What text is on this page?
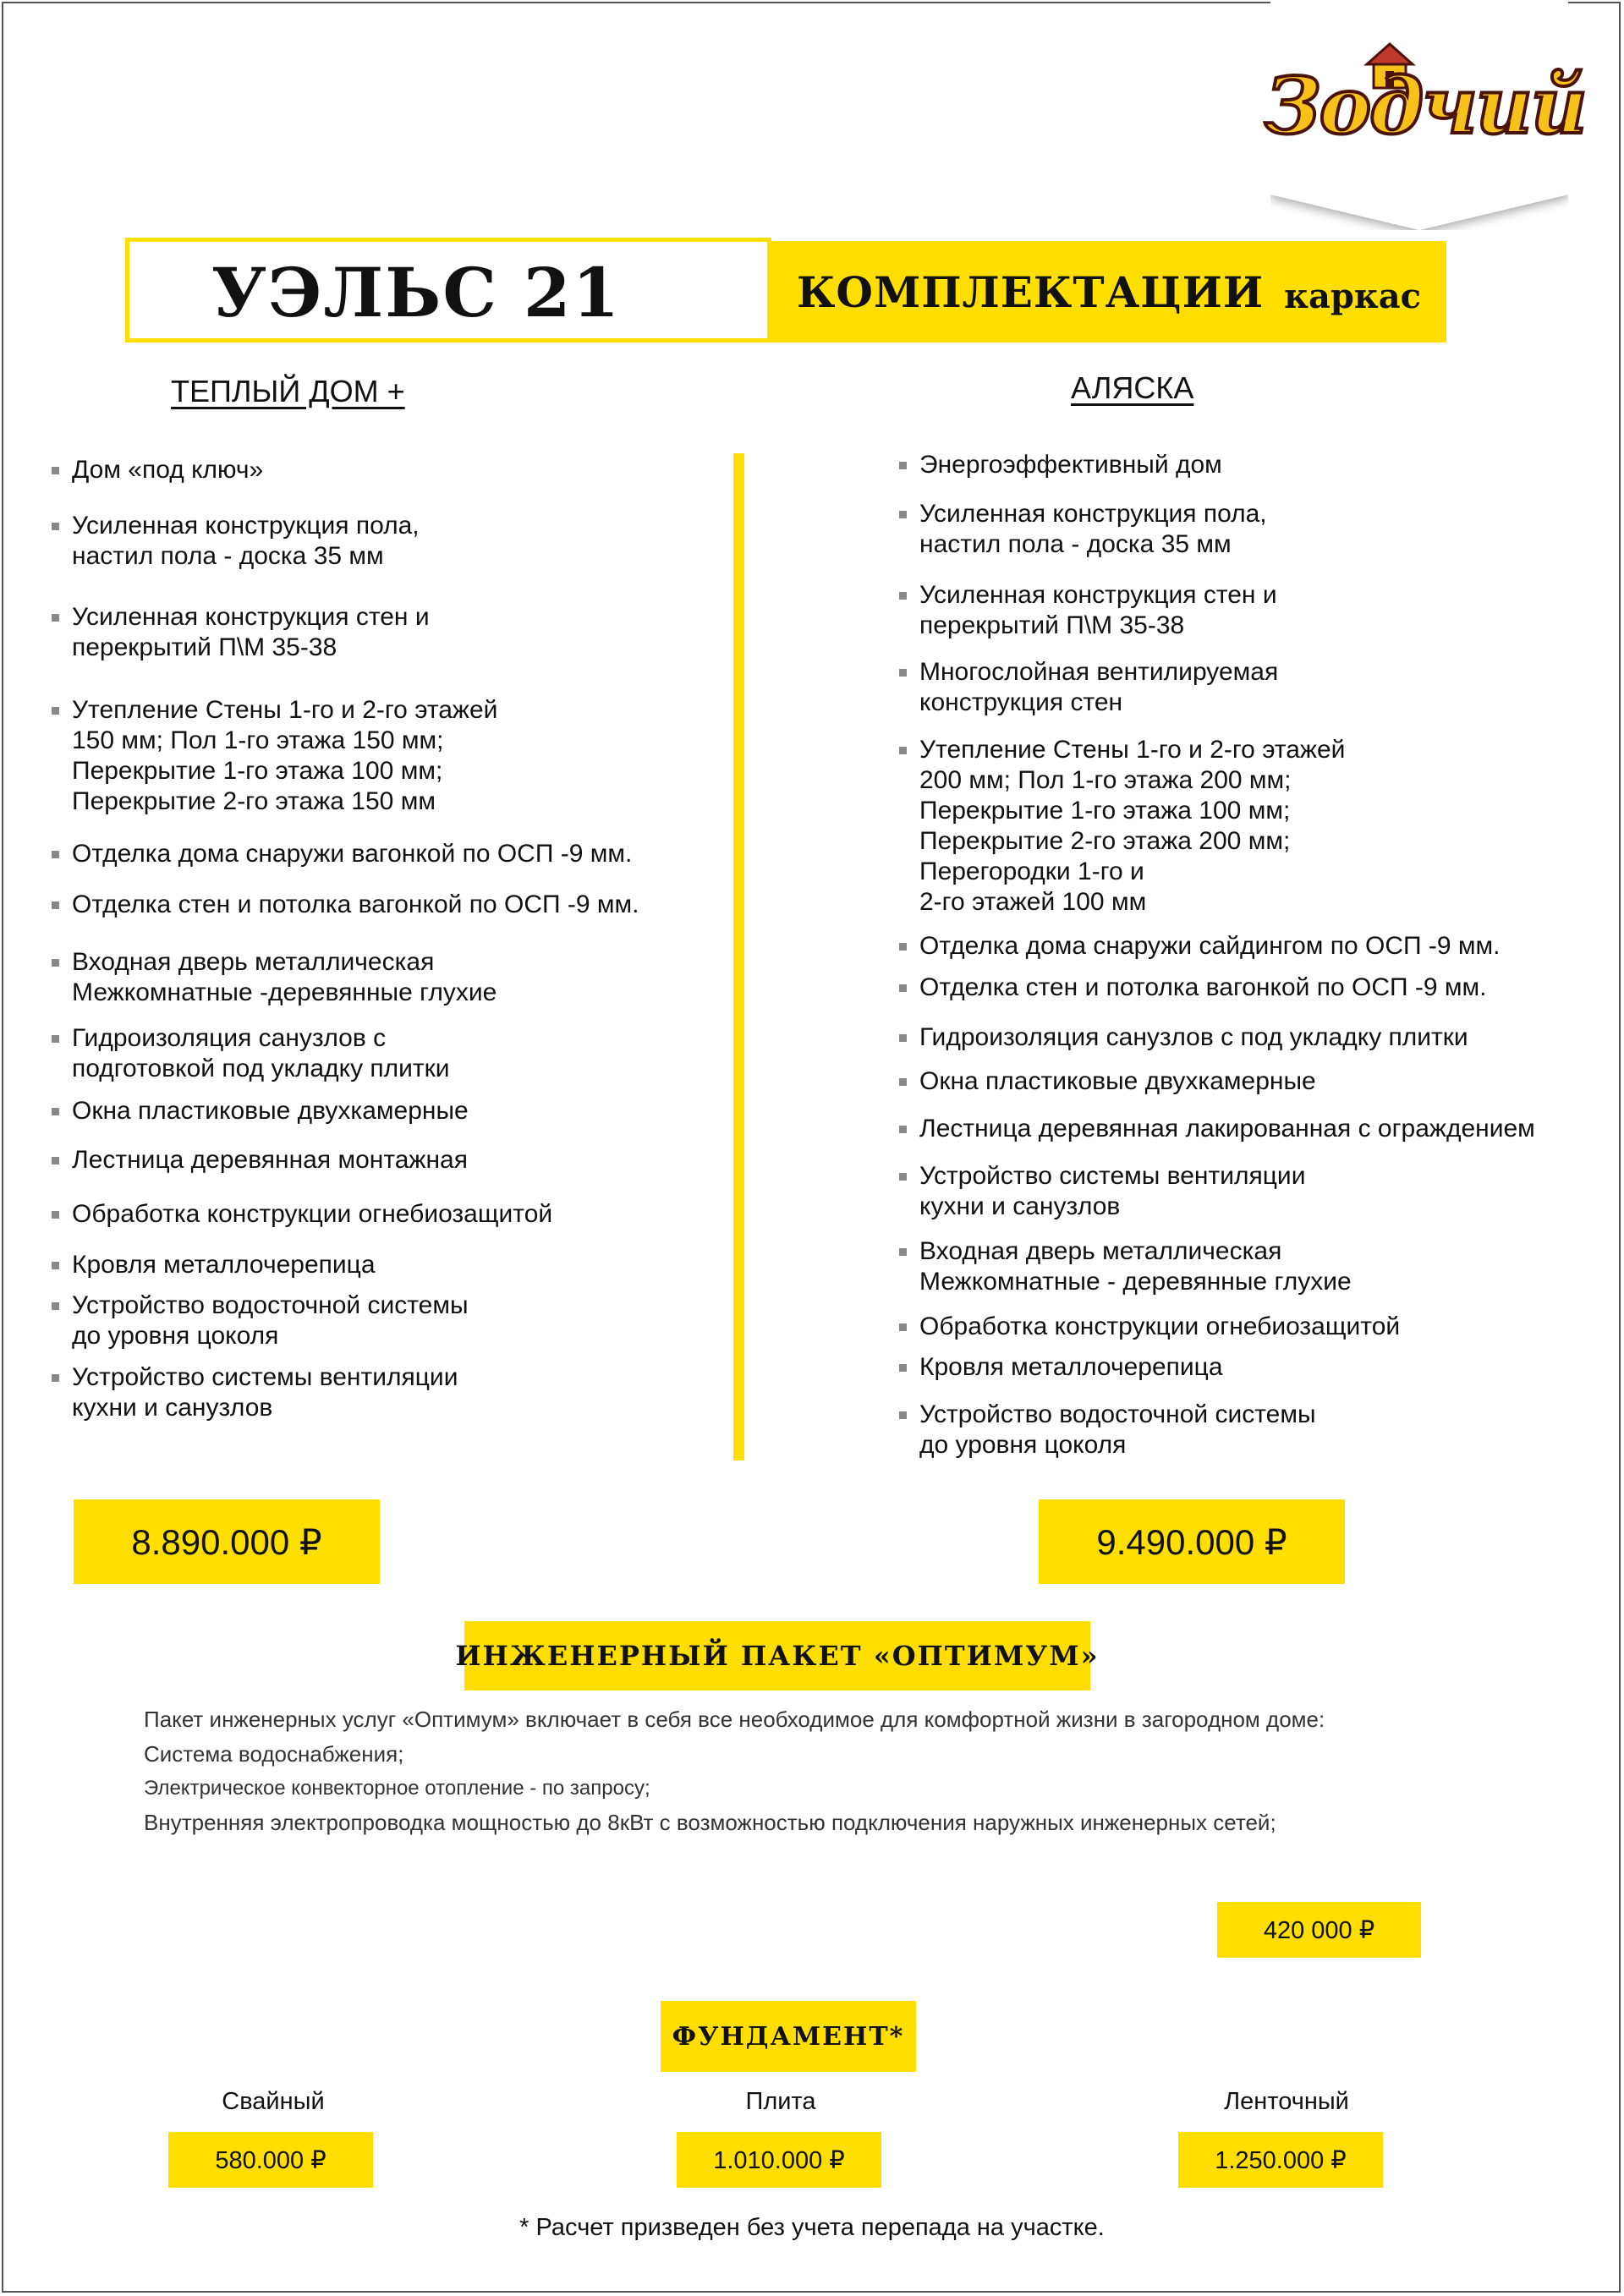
Зодчий
УЭЛЬС 21	КОМПЛЕКТАЦИИ каркас
ТЕПЛЫЙ ДОМ +	АЛЯСКА
Дом «под ключ»
Усиленная конструкция пола,
настил пола - доска 35 мм
Усиленная конструкция стен и
перекрытий П\М 35-38
Утепление Стены 1-го и 2-го этажей
150 мм; Пол 1-го этажа 150 мм;
Перекрытие 1-го этажа 100 мм;
Перекрытие 2-го этажа 150 мм
Отделка дома снаружи вагонкой по ОСП -9 мм.
Отделка стен и потолка вагонкой по ОСП -9 мм.
Входная дверь металлическая
Межкомнатные -деревянные глухие
Гидроизоляция санузлов с
подготовкой под укладку плитки
Окна пластиковые двухкамерные
Лестница деревянная монтажная
Обработка конструкции огнебиозащитой
Кровля металлочерепица
Устройство водосточной системы
до уровня цоколя
Устройство системы вентиляции
кухни и санузлов
Энергоэффективный дом
Усиленная конструкция пола,
настил пола - доска 35 мм
Усиленная конструкция стен и
перекрытий П\М 35-38
Многослойная вентилируемая
конструкция стен
Утепление Стены 1-го и 2-го этажей
200 мм; Пол 1-го этажа 200 мм;
Перекрытие 1-го этажа 100 мм;
Перекрытие 2-го этажа 200 мм;
Перегородки 1-го и
2-го этажей 100 мм
Отделка дома снаружи сайдингом по ОСП -9 мм.
Отделка стен и потолка вагонкой по ОСП -9 мм.
Гидроизоляция санузлов с под укладку плитки
Окна пластиковые двухкамерные
Лестница деревянная лакированная с ограждением
Устройство системы вентиляции
кухни и санузлов
Входная дверь металлическая
Межкомнатные - деревянные глухие
Обработка конструкции огнебиозащитой
Кровля металлочерепица
Устройство водосточной системы
до уровня цоколя
8.890.000 ₽	9.490.000 ₽
ИНЖЕНЕРНЫЙ ПАКЕТ «ОПТИМУМ»
Пакет инженерных услуг «Оптимум» включает в себя все необходимое для комфортной жизни в загородном доме:
Система водоснабжения;
Электрическое конвекторное отопление - по запросу;
Внутренняя электропроводка мощностью до 8кВт с возможностью подключения наружных инженерных сетей;
420 000 ₽
ФУНДАМЕНТ*
Свайный	Плита	Ленточный
580.000 ₽	1.010.000 ₽	1.250.000 ₽
* Расчет призведен без учета перепада на участке.
